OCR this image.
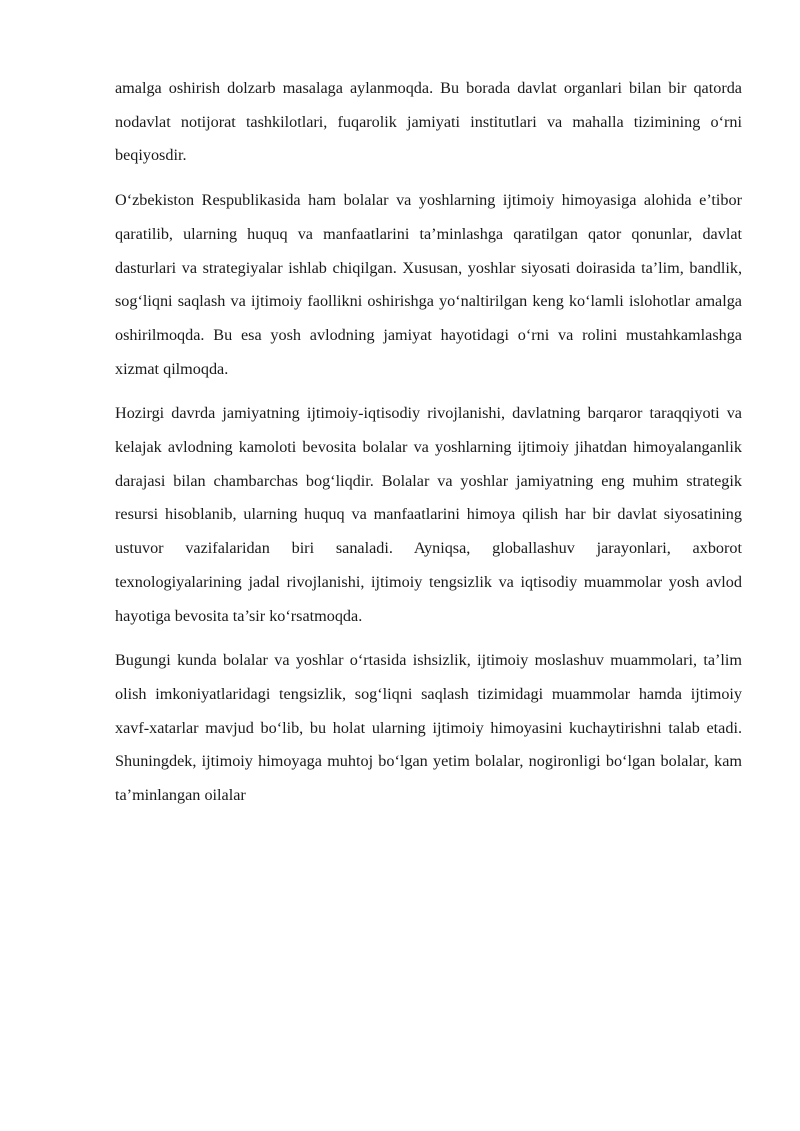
amalga oshirish dolzarb masalaga aylanmoqda. Bu borada davlat organlari bilan bir qatorda nodavlat notijorat tashkilotlari, fuqarolik jamiyati institutlari va mahalla tizimining o‘rni beqiyosdir.

O‘zbekiston Respublikasida ham bolalar va yoshlarning ijtimoiy himoyasiga alohida e’tibor qaratilib, ularning huquq va manfaatlarini ta’minlashga qaratilgan qator qonunlar, davlat dasturlari va strategiyalar ishlab chiqilgan. Xususan, yoshlar siyosati doirasida ta’lim, bandlik, sog‘liqni saqlash va ijtimoiy faollikni oshirishga yo‘naltirilgan keng ko‘lamli islohotlar amalga oshirilmoqda. Bu esa yosh avlodning jamiyat hayotidagi o‘rni va rolini mustahkamlashga xizmat qilmoqda.

Hozirgi davrda jamiyatning ijtimoiy-iqtisodiy rivojlanishi, davlatning barqaror taraqqiyoti va kelajak avlodning kamoloti bevosita bolalar va yoshlarning ijtimoiy jihatdan himoyalanganlik darajasi bilan chambarchas bog‘liqdir. Bolalar va yoshlar jamiyatning eng muhim strategik resursi hisoblanib, ularning huquq va manfaatlarini himoya qilish har bir davlat siyosatining ustuvor vazifalaridan biri sanaladi. Ayniqsa, globallashuv jarayonlari, axborot texnologiyalarining jadal rivojlanishi, ijtimoiy tengsizlik va iqtisodiy muammolar yosh avlod hayotiga bevosita ta’sir ko‘rsatmoqda.

Bugungi kunda bolalar va yoshlar o‘rtasida ishsizlik, ijtimoiy moslashuv muammolari, ta’lim olish imkoniyatlaridagi tengsizlik, sog‘liqni saqlash tizimidagi muammolar hamda ijtimoiy xavf-xatarlar mavjud bo‘lib, bu holat ularning ijtimoiy himoyasini kuchaytirishni talab etadi. Shuningdek, ijtimoiy himoyaga muhtoj bo‘lgan yetim bolalar, nogironligi bo‘lgan bolalar, kam ta’minlangan oilalar
